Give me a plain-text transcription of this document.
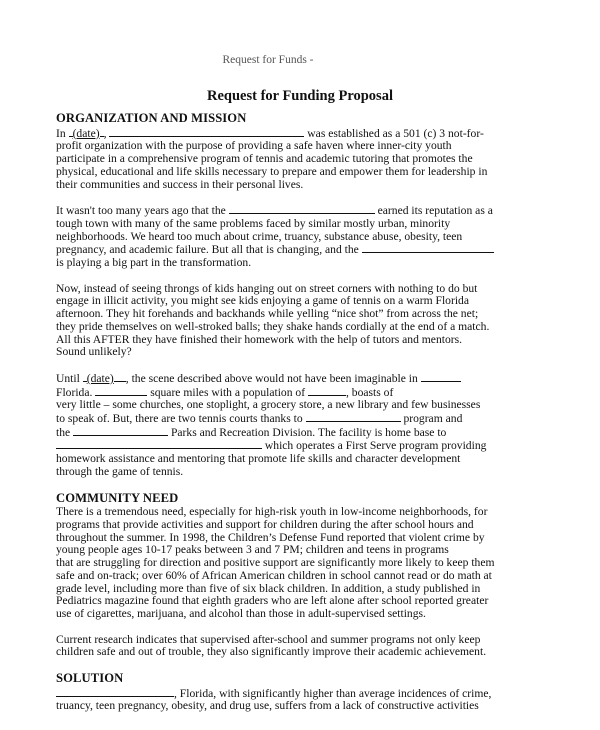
Request for Funds -
Request for Funding Proposal
ORGANIZATION AND MISSION

In (date) ,	was established as a 501 (c) 3 not-for-
profit organization with the purpose of providing a safe haven where inner-city youth
participate in a comprehensive program of tennis and academic tutoring that promotes the
physical, educational and life skills necessary to prepare and empower them for leadership in
their communities and success in their personal lives.

It wasn't too many years ago that the	earned its reputation as a
tough town with many of the same problems faced by similar mostly urban, minority
neighborhoods. We heard too much about crime, truancy, substance abuse, obesity, teen
pregnancy, and academic failure. But all that is changing, and the
is playing a big part in the transformation.

Now, instead of seeing throngs of kids hanging out on street corners with nothing to do but
engage in illicit activity, you might see kids enjoying a game of tennis on a warm Florida
afternoon. They hit forehands and backhands while yelling “nice shot” from across the net;
they pride themselves on well-stroked balls; they shake hands cordially at the end of a match.
All this AFTER they have finished their homework with the help of tutors and mentors.
Sound unlikely?

Until (date) , the scene described above would not have been imaginable in
Florida.	square miles with a population of	, boasts of
very little – some churches, one stoplight, a grocery store, a new library and few businesses
to speak of. But, there are two tennis courts thanks to	program and
the	Parks and Recreation Division. The facility is home base to
which operates a First Serve program providing
homework assistance and mentoring that promote life skills and character development
through the game of tennis.

COMMUNITY NEED

There is a tremendous need, especially for high-risk youth in low-income neighborhoods, for
programs that provide activities and support for children during the after school hours and
throughout the summer. In 1998, the Children’s Defense Fund reported that violent crime by
young people ages 10-17 peaks between 3 and 7 PM; children and teens in programs
that are struggling for direction and positive support are significantly more likely to keep them
safe and on-track; over 60% of African American children in school cannot read or do math at
grade level, including more than five of six black children. In addition, a study published in
Pediatrics magazine found that eighth graders who are left alone after school reported greater
use of cigarettes, marijuana, and alcohol than those in adult-supervised settings.

Current research indicates that supervised after-school and summer programs not only keep
children safe and out of trouble, they also significantly improve their academic achievement.

SOLUTION

, Florida, with significantly higher than average incidences of crime,
truancy, teen pregnancy, obesity, and drug use, suffers from a lack of constructive activities
